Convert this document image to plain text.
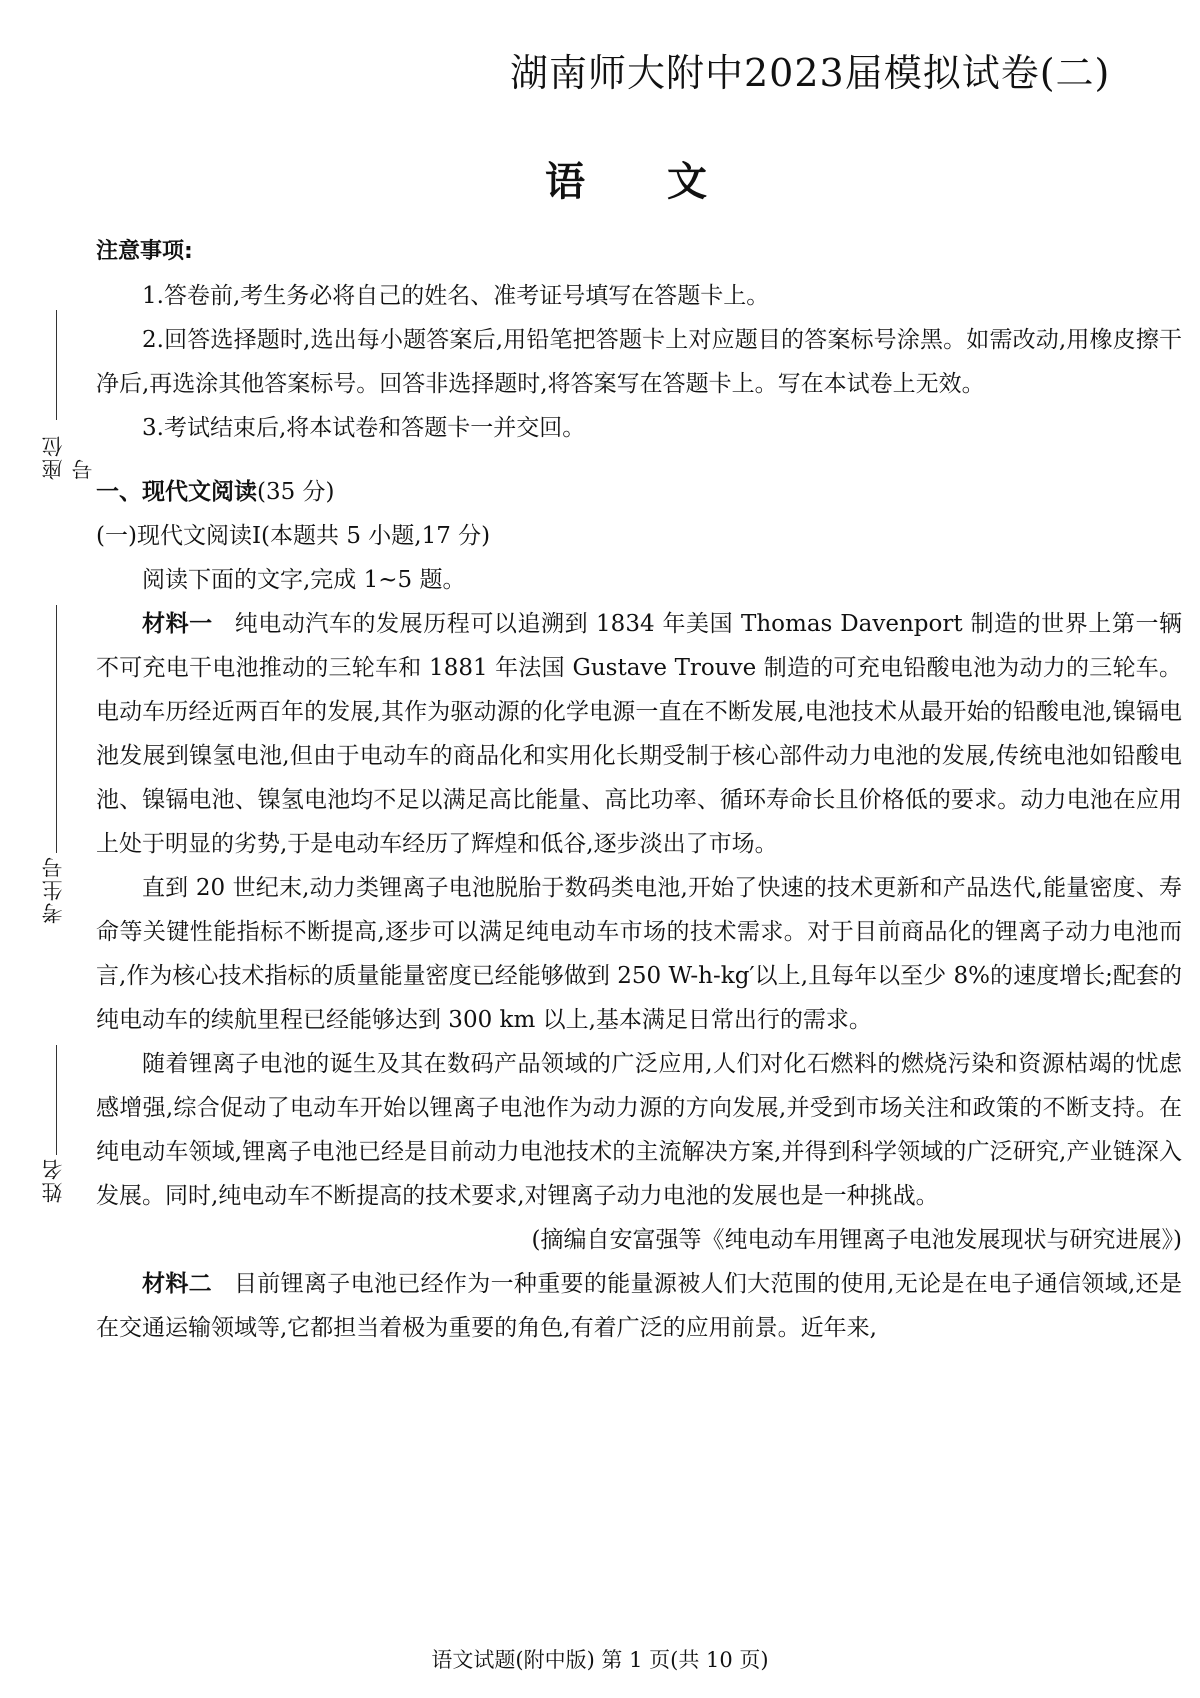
座位号
考生号
姓名
湖南师大附中2023届模拟试卷(二)
语文

注意事项:

1.答卷前,考生务必将自己的姓名、准考证号填写在答题卡上。

2.回答选择题时,选出每小题答案后,用铅笔把答题卡上对应题目的答案标号涂黑。如需改动,用橡皮擦干净后,再选涂其他答案标号。回答非选择题时,将答案写在答题卡上。写在本试卷上无效。

3.考试结束后,将本试卷和答题卡一并交回。

一、现代文阅读(35 分)

(一)现代文阅读Ⅰ(本题共 5 小题,17 分)

阅读下面的文字,完成 1~5 题。

材料一 纯电动汽车的发展历程可以追溯到 1834 年美国 Thomas Davenport 制造的世界上第一辆不可充电干电池推动的三轮车和 1881 年法国 Gustave Trouve 制造的可充电铅酸电池为动力的三轮车。电动车历经近两百年的发展,其作为驱动源的化学电源一直在不断发展,电池技术从最开始的铅酸电池,镍镉电池发展到镍氢电池,但由于电动车的商品化和实用化长期受制于核心部件动力电池的发展,传统电池如铅酸电池、镍镉电池、镍氢电池均不足以满足高比能量、高比功率、循环寿命长且价格低的要求。动力电池在应用上处于明显的劣势,于是电动车经历了辉煌和低谷,逐步淡出了市场。

直到 20 世纪末,动力类锂离子电池脱胎于数码类电池,开始了快速的技术更新和产品迭代,能量密度、寿命等关键性能指标不断提高,逐步可以满足纯电动车市场的技术需求。对于目前商品化的锂离子动力电池而言,作为核心技术指标的质量能量密度已经能够做到 250 W-h-kg′以上,且每年以至少 8%的速度增长;配套的纯电动车的续航里程已经能够达到 300 km 以上,基本满足日常出行的需求。

随着锂离子电池的诞生及其在数码产品领域的广泛应用,人们对化石燃料的燃烧污染和资源枯竭的忧虑感增强,综合促动了电动车开始以锂离子电池作为动力源的方向发展,并受到市场关注和政策的不断支持。在纯电动车领域,锂离子电池已经是目前动力电池技术的主流解决方案,并得到科学领域的广泛研究,产业链深入发展。同时,纯电动车不断提高的技术要求,对锂离子动力电池的发展也是一种挑战。

(摘编自安富强等《纯电动车用锂离子电池发展现状与研究进展》)

材料二 目前锂离子电池已经作为一种重要的能量源被人们大范围的使用,无论是在电子通信领域,还是在交通运输领域等,它都担当着极为重要的角色,有着广泛的应用前景。近年来,

语文试题(附中版) 第 1 页(共 10 页)
